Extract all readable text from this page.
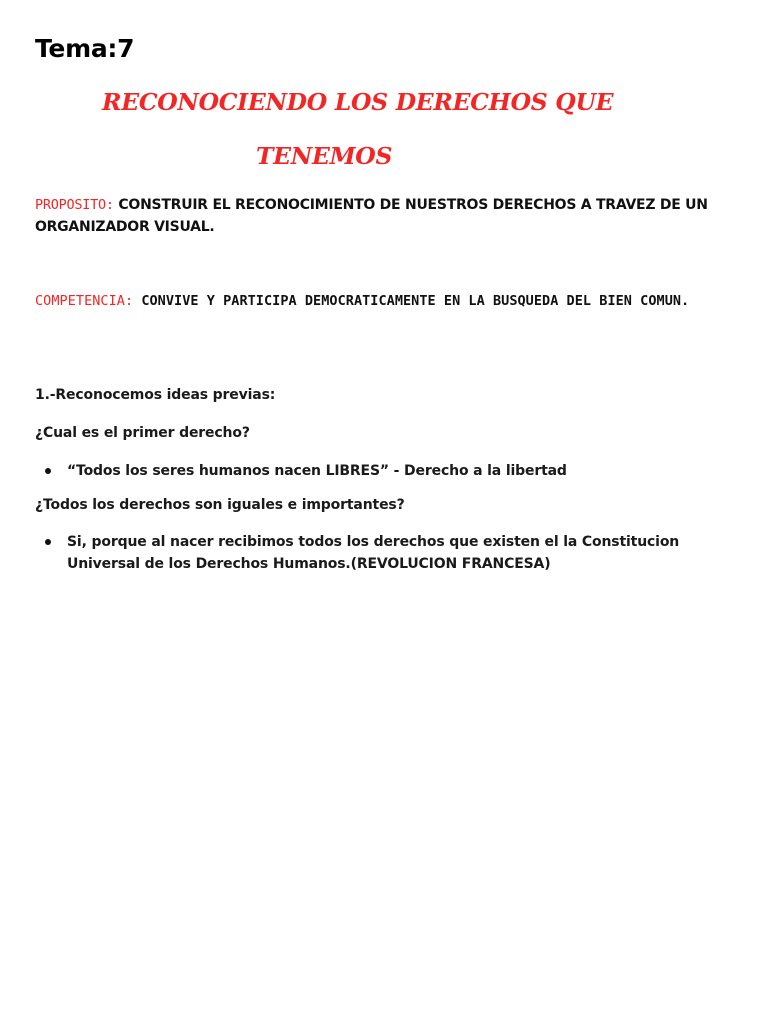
Tema:7
RECONOCIENDO LOS DERECHOS QUE
TENEMOS
PROPOSITO: CONSTRUIR EL RECONOCIMIENTO DE NUESTROS DERECHOS A TRAVEZ DE UN ORGANIZADOR VISUAL.
COMPETENCIA: CONVIVE Y PARTICIPA DEMOCRATICAMENTE EN LA BUSQUEDA DEL BIEN COMUN.
1.-Reconocemos ideas previas:
¿Cual es el primer derecho?
“Todos los seres humanos nacen LIBRES” - Derecho a la libertad
¿Todos los derechos son iguales e importantes?
Si, porque al nacer recibimos todos los derechos que existen el la Constitucion Universal de los Derechos Humanos.(REVOLUCION FRANCESA)
